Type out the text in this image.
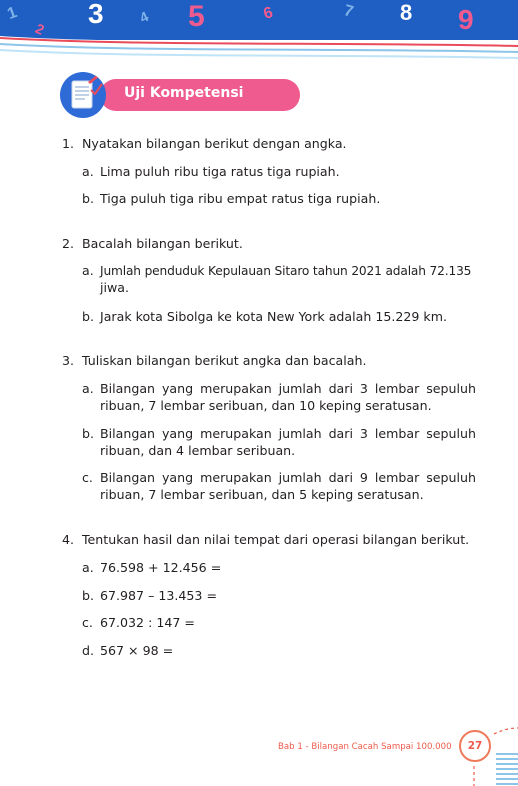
1
2 3 4 5	6	7 8 9
Uji Kompetensi
1. Nyatakan bilangan berikut dengan angka.
a. Lima puluh ribu tiga ratus tiga rupiah.
b. Tiga puluh tiga ribu empat ratus tiga rupiah.
2. Bacalah bilangan berikut.
a. Jumlah penduduk Kepulauan Sitaro tahun 2021 adalah 72.135
jiwa.
b. Jarak kota Sibolga ke kota New York adalah 15.229 km.
3. Tuliskan bilangan berikut angka dan bacalah.
a. Bilangan yang merupakan jumlah dari 3 lembar sepuluh
ribuan, 7 lembar seribuan, dan 10 keping seratusan.
b. Bilangan yang merupakan jumlah dari 3 lembar sepuluh
ribuan, dan 4 lembar seribuan.
c. Bilangan yang merupakan jumlah dari 9 lembar sepuluh
ribuan, 7 lembar seribuan, dan 5 keping seratusan.
4. Tentukan hasil dan nilai tempat dari operasi bilangan berikut.
a. 76.598 + 12.456 =
b. 67.987 – 13.453 =
c. 67.032 : 147 =
d. 567 × 98 =
Bab 1 - Bilangan Cacah Sampai 100.000	27
